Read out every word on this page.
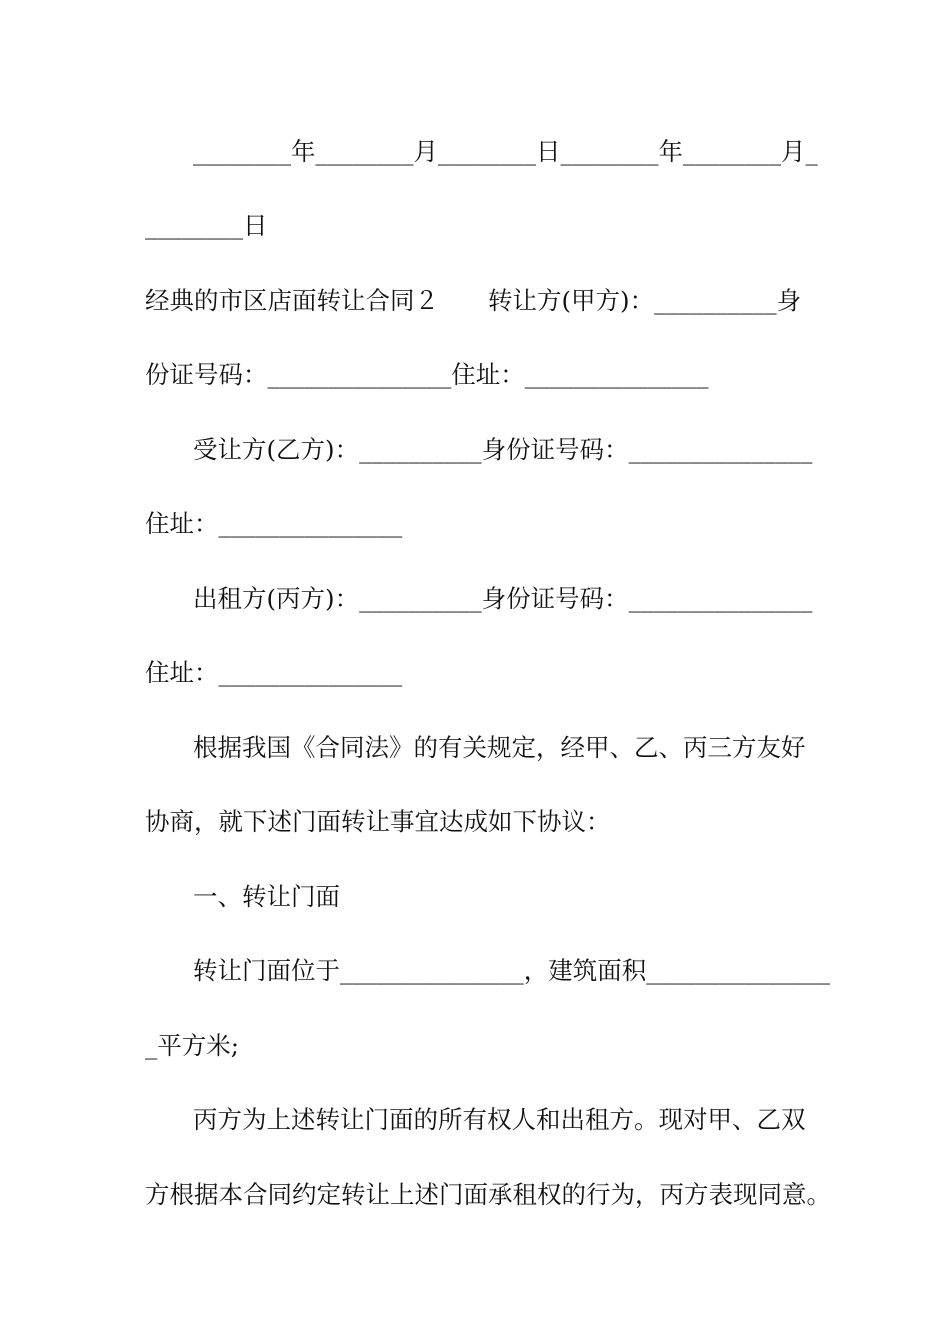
________年________月________日________年________月_
________日
经典的市区店面转让合同２　　转让方(甲方)：__________身
份证号码：_______________住址：_______________
受让方(乙方)：__________身份证号码：_______________
住址：_______________
出租方(丙方)：__________身份证号码：_______________
住址：_______________
根据我国《合同法》的有关规定，经甲、乙、丙三方友好
协商，就下述门面转让事宜达成如下协议：
一、转让门面
转让门面位于_______________，建筑面积_______________
_平方米;
丙方为上述转让门面的所有权人和出租方。现对甲、乙双
方根据本合同约定转让上述门面承租权的行为，丙方表现同意。
